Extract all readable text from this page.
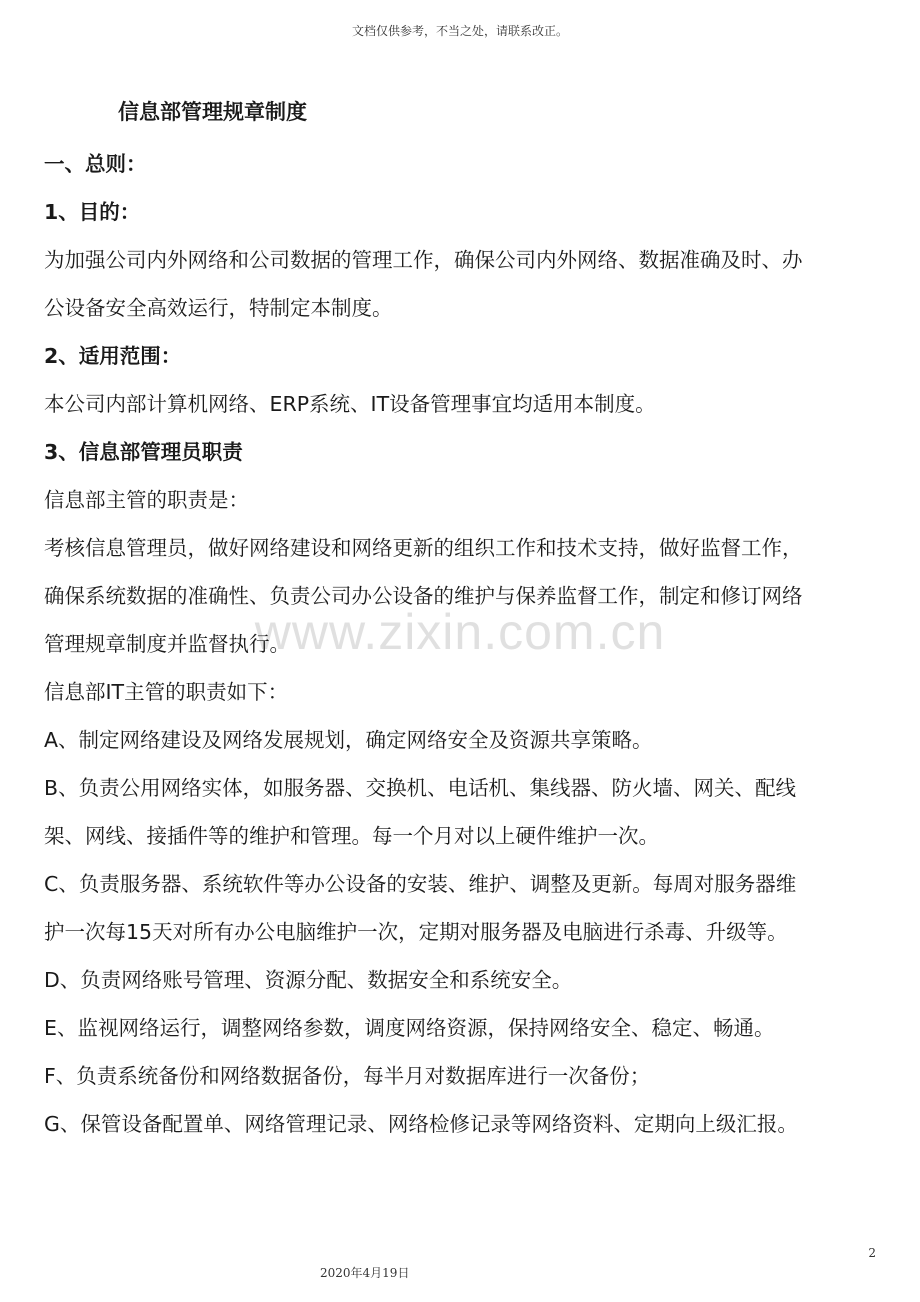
文档仅供参考，不当之处，请联系改正。
www.zixin.com.cn
信息部管理规章制度
一、总则：
1、目的：
为加强公司内外网络和公司数据的管理工作，确保公司内外网络、数据准确及时、办
公设备安全高效运行，特制定本制度。
2、适用范围：
本公司内部计算机网络、ERP系统、IT设备管理事宜均适用本制度。
3、信息部管理员职责
信息部主管的职责是：
考核信息管理员，做好网络建设和网络更新的组织工作和技术支持，做好监督工作，
确保系统数据的准确性、负责公司办公设备的维护与保养监督工作，制定和修订网络
管理规章制度并监督执行。
信息部IT主管的职责如下：
A、制定网络建设及网络发展规划，确定网络安全及资源共享策略。
B、负责公用网络实体，如服务器、交换机、电话机、集线器、防火墙、网关、配线
架、网线、接插件等的维护和管理。每一个月对以上硬件维护一次。
C、负责服务器、系统软件等办公设备的安装、维护、调整及更新。每周对服务器维
护一次每15天对所有办公电脑维护一次，定期对服务器及电脑进行杀毒、升级等。
D、负责网络账号管理、资源分配、数据安全和系统安全。
E、监视网络运行，调整网络参数，调度网络资源，保持网络安全、稳定、畅通。
F、负责系统备份和网络数据备份，每半月对数据库进行一次备份；
G、保管设备配置单、网络管理记录、网络检修记录等网络资料、定期向上级汇报。
2
2020年4月19日
